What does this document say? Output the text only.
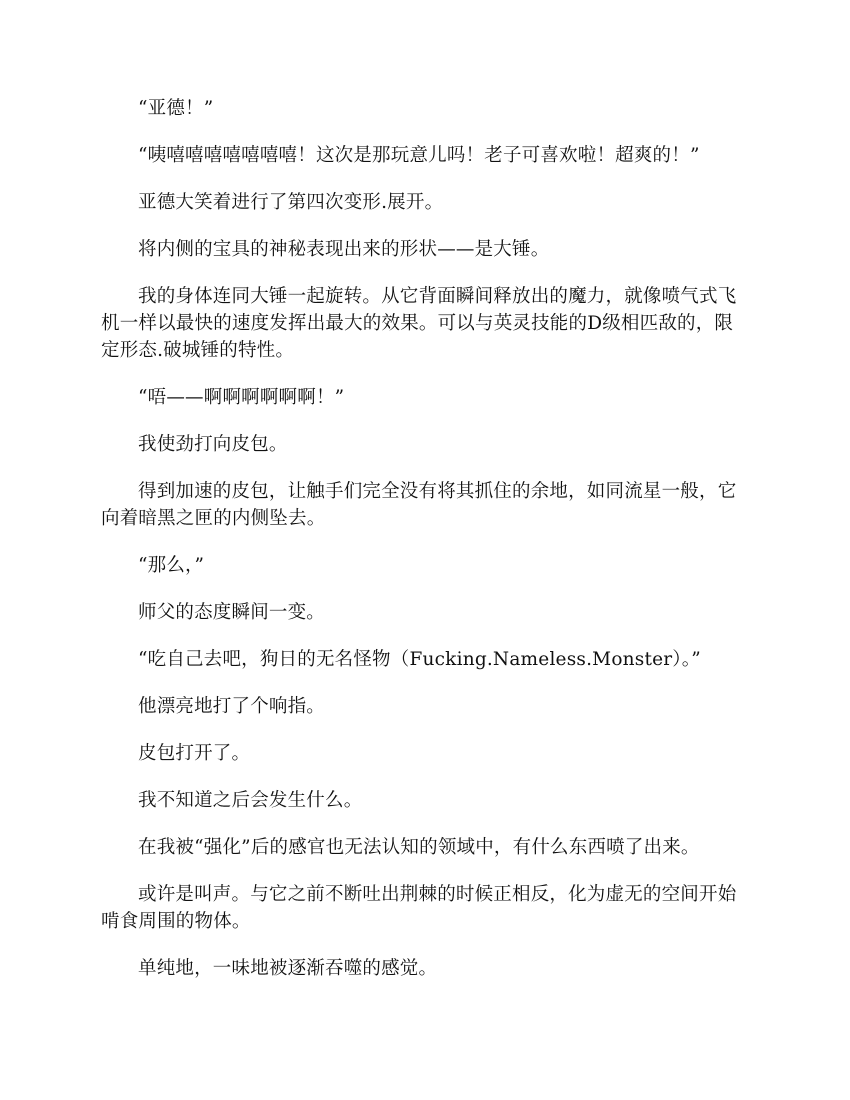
“亚德！”

“咦嘻嘻嘻嘻嘻嘻嘻！这次是那玩意儿吗！老子可喜欢啦！超爽的！”

亚德大笑着进行了第四次变形.展开。

将内侧的宝具的神秘表现出来的形状——是大锤。

我的身体连同大锤一起旋转。从它背面瞬间释放出的魔力，就像喷气式飞机一样以最快的速度发挥出最大的效果。可以与英灵技能的D级相匹敌的，限定形态.破城锤的特性。

“唔——啊啊啊啊啊啊！”

我使劲打向皮包。

得到加速的皮包，让触手们完全没有将其抓住的余地，如同流星一般，它向着暗黑之匣的内侧坠去。

“那么，”

师父的态度瞬间一变。

“吃自己去吧，狗日的无名怪物（Fucking.Nameless.Monster）。”

他漂亮地打了个响指。

皮包打开了。

我不知道之后会发生什么。

在我被“强化”后的感官也无法认知的领域中，有什么东西喷了出来。

或许是叫声。与它之前不断吐出荆棘的时候正相反，化为虚无的空间开始啃食周围的物体。

单纯地，一味地被逐渐吞噬的感觉。
